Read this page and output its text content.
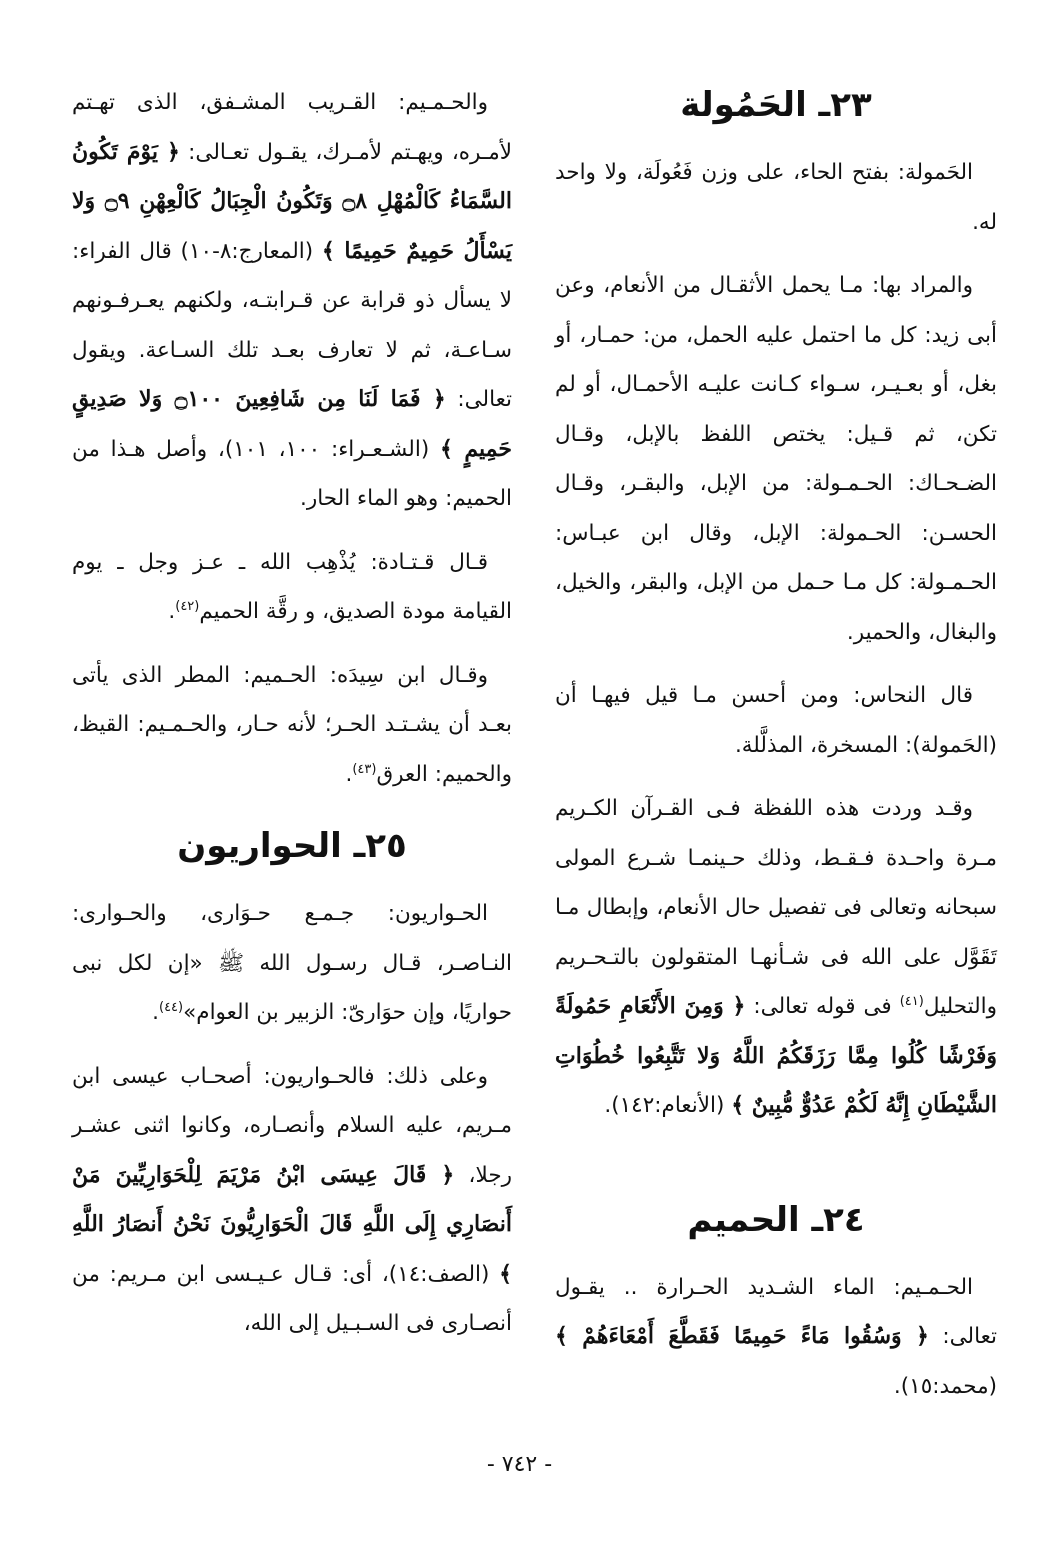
٢٣ـ الحَمُولة

الحَمولة: بفتح الحاء، على وزن فَعُولَة، ولا واحد له.

والمراد بها: مـا يحمل الأثقـال من الأنعام، وعن أبى زيد: كل ما احتمل عليه الحمل، من: حمـار، أو بغل، أو بعـيـر، سـواء كـانت عليـه الأحمـال، أو لم تكن، ثم قـيل: يختص اللفظ بالإبل، وقـال الضـحـاك: الحـمـولة: من الإبل، والبقـر، وقـال الحسـن: الحـمولة: الإبل، وقال ابن عبـاس: الحـمـولة: كل مـا حـمل من الإبل، والبقر، والخيل، والبغال، والحمير.

قال النحاس: ومن أحسن مـا قيل فيهـا أن (الحَمولة): المسخرة، المذلَّلة.

وقـد وردت هذه اللفظة فـى القـرآن الكـريم مـرة واحـدة فـقـط، وذلك حـينمـا شـرع المولى سبحانه وتعالى فى تفصيل حال الأنعام، وإبطال مـا تَقَوَّل على الله فى شـأنهـا المتقولون بالتـحـريم والتحليل$^{(٤١)}$ فى قوله تعالى: ﴿ وَمِنَ الأَنْعَامِ حَمُولَةً وَفَرْشًا كُلُوا مِمَّا رَزَقَكُمُ اللَّهُ وَلا تَتَّبِعُوا خُطُوَاتِ الشَّيْطَانِ إِنَّهُ لَكُمْ عَدُوٌّ مُّبِينٌ ﴾ (الأنعام:١٤٢).

٢٤ـ الحميم

الحـمـيم: الماء الشـديد الحـرارة .. يقـول تعالى: ﴿ وَسُقُوا مَاءً حَمِيمًا فَقَطَّعَ أَمْعَاءَهُمْ ﴾ (محمد:١٥).

والحـمـيم: القـريب المشـفق، الذى تهـتم لأمـره، ويهـتم لأمـرك، يقـول تعـالى: ﴿ يَوْمَ تَكُونُ السَّمَاءُ كَالْمُهْلِ ۝٨ وَتَكُونُ الْجِبَالُ كَالْعِهْنِ ۝٩ وَلا يَسْأَلُ حَمِيمٌ حَمِيمًا ﴾ (المعارج:٨-١٠) قال الفراء: لا يسأل ذو قرابة عن قـرابتـه، ولكنهم يعـرفـونهم سـاعـة، ثم لا تعارف بعـد تلك السـاعة. ويقول تعالى: ﴿ فَمَا لَنَا مِن شَافِعِينَ ۝١٠٠ وَلا صَدِيقٍ حَمِيمٍ ﴾ (الشـعـراء: ١٠٠، ١٠١)، وأصل هـذا من الحميم: وهو الماء الحار.

قـال قـتـادة: يُذْهِب الله ـ عـز وجل ـ يوم القيامة مودة الصديق، و رقَّة الحميم$^{(٤٢)}$.

وقـال ابن سِيدَه: الحـميم: المطر الذى يأتى بعـد أن يشـتـد الحـر؛ لأنه حـار، والحـمـيم: القيظ، والحميم: العرق$^{(٤٣)}$.

٢٥ـ الحواريون

الحـواريون: جـمـع حـوَارى، والحـوارى: النـاصـر، قـال رسـول الله ﷺ «إن لكل نبى حواريًا، وإن حوَارىّ: الزبير بن العوام»$^{(٤٤)}$.

وعلى ذلك: فالحـواريون: أصحـاب عيسى ابن مـريم، عليه السلام وأنصـاره، وكانوا اثنى عشـر رجلا، ﴿ قَالَ عِيسَى ابْنُ مَرْيَمَ لِلْحَوَارِيِّينَ مَنْ أَنصَارِي إِلَى اللَّهِ قَالَ الْحَوَارِيُّونَ نَحْنُ أَنصَارُ اللَّهِ ﴾ (الصف:١٤)، أى: قـال عـيـسى ابن مـريم: من أنصـارى فى السـبـيل إلى الله،

- ٧٤٢ -
